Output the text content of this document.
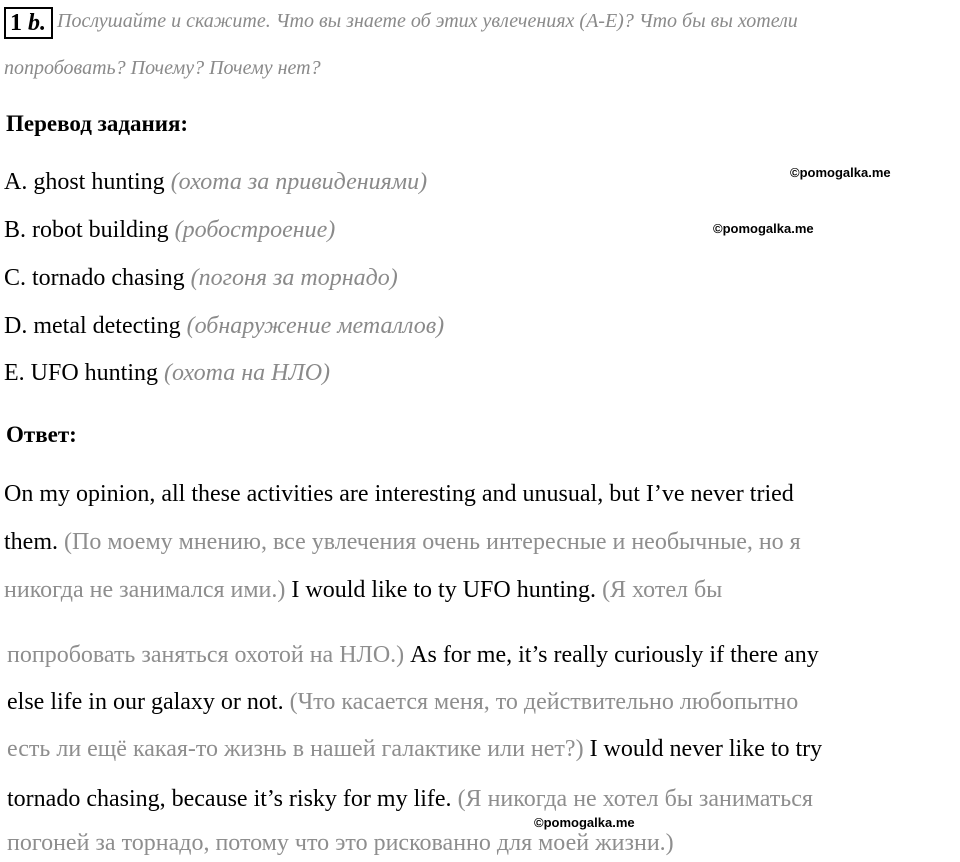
1 b. Послушайте и скажите. Что вы знаете об этих увлечениях (A-E)? Что бы вы хотели
попробовать? Почему? Почему нет?
Перевод задания:
A. ghost hunting (охота за привидениями)
B. robot building (робостроение)
C. tornado chasing (погоня за торнадо)
D. metal detecting (обнаружение металлов)
E. UFO hunting (охота на НЛО)
©pomogalka.me
©pomogalka.me
©pomogalka.me
Ответ:
On my opinion, all these activities are interesting and unusual, but I’ve never tried
them. (По моему мнению, все увлечения очень интересные и необычные, но я
никогда не занимался ими.) I would like to ty UFO hunting. (Я хотел бы
попробовать заняться охотой на НЛО.) As for me, it’s really curiously if there any
else life in our galaxy or not. (Что касается меня, то действительно любопытно
есть ли ещё какая-то жизнь в нашей галактике или нет?) I would never like to try
tornado chasing, because it’s risky for my life. (Я никогда не хотел бы заниматься
погоней за торнадо, потому что это рискованно для моей жизни.)
